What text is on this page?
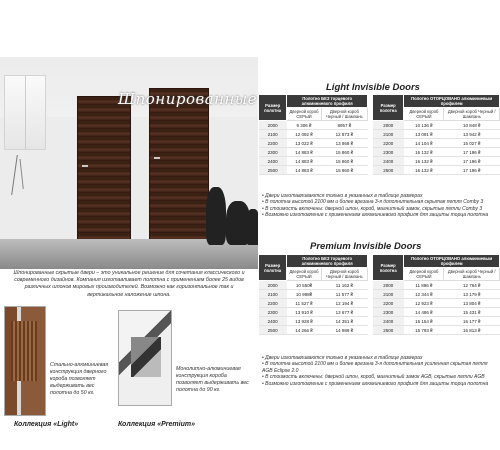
Шпонированные

Шпонированные скрытые двери – это уникальное решение для сочетания классического и современного дизайнов. Компания изготавливает полотна с применением более 25 видов различных шпонов мировых производителей. Возможно как горизонтальное так и вертикальное наложение шпона.

Стально-алюминиевая конструкция дверного короба позволяет выдерживать вес полотна до 50 кг.
Коллекция «Light»
Монолитно-алюминиевая конструкция короба позволяет выдерживать вес полотна до 90 кг.
Коллекция «Premium»
Light Invisible Doors
Размер полотна	Полотно БЕЗ торцевого алюминиевого профиля	
	Дверной короб СЕРЫЙ	Дверной короб Черный / Шампань
2000	9 306 ₴	8957 ₴
2100	12 092 ₴	12 873 ₴
2200	13 022 ₴	13 868 ₴
2300	14 883 ₴	15 860 ₴
2400	14 883 ₴	15 860 ₴
2500	14 883 ₴	15 860 ₴
Размер полотна	Полотно ОТОРЦОВАНО алюминиевым профилем	
	Дверной короб СЕРЫЙ	Дверной короб Черный / Шампань
2000	10 136 ₴	10 848 ₴
2100	13 091 ₴	13 942 ₴
2200	14 104 ₴	15 027 ₴
2300	16 132 ₴	17 196 ₴
2400	16 132 ₴	17 196 ₴
2500	16 132 ₴	17 196 ₴
• Двери изготавливаются только в указанных в таблице размерах
• В полотна высотой 2100 мм и более врезана 3-я дополнительная скрытая петля Comby 3
• В стоимость включены: дверной шпон, короб, магнитный замок, скрытые петли Comby 3
• Возможно изготовление с применением алюминиевого профиля для защиты торца полотна
Premium Invisible Doors
Размер полотна	Полотно БЕЗ торцевого алюминиевого профиля	
	Дверной короб СЕРЫЙ	Дверной короб Черный / Шампань
2000	10 550₴	11 162 ₴
2100	10 998₴	11 577 ₴
2200	11 527 ₴	12 194 ₴
2300	13 910 ₴	13 677 ₴
2400	13 928 ₴	14 351 ₴
2500	14 266 ₴	14 989 ₴
Размер полотна	Полотно ОТОРЦОВАНО алюминиевым профилем	
	Дверной короб СЕРЫЙ	Дверной короб Черный / Шампань
2000	11 896 ₴	12 764 ₴
2100	12 344 ₴	13 179 ₴
2200	12 923 ₴	13 804 ₴
2300	14 486 ₴	15 431 ₴
2400	15 154 ₴	16 177 ₴
2500	15 793 ₴	16 813 ₴
• Двери изготавливаются только в указанных в таблице размерах
• В полотна высотой 2100 мм и более врезана 3-я дополнительная усиленная скрытая петля AGB Eclipse 2.0
• В стоимость включены: дверной шпон, короб, магнитный замок AGB, скрытые петли AGB
• Возможно изготовление с применением алюминиевого профиля для защиты торца полотна
